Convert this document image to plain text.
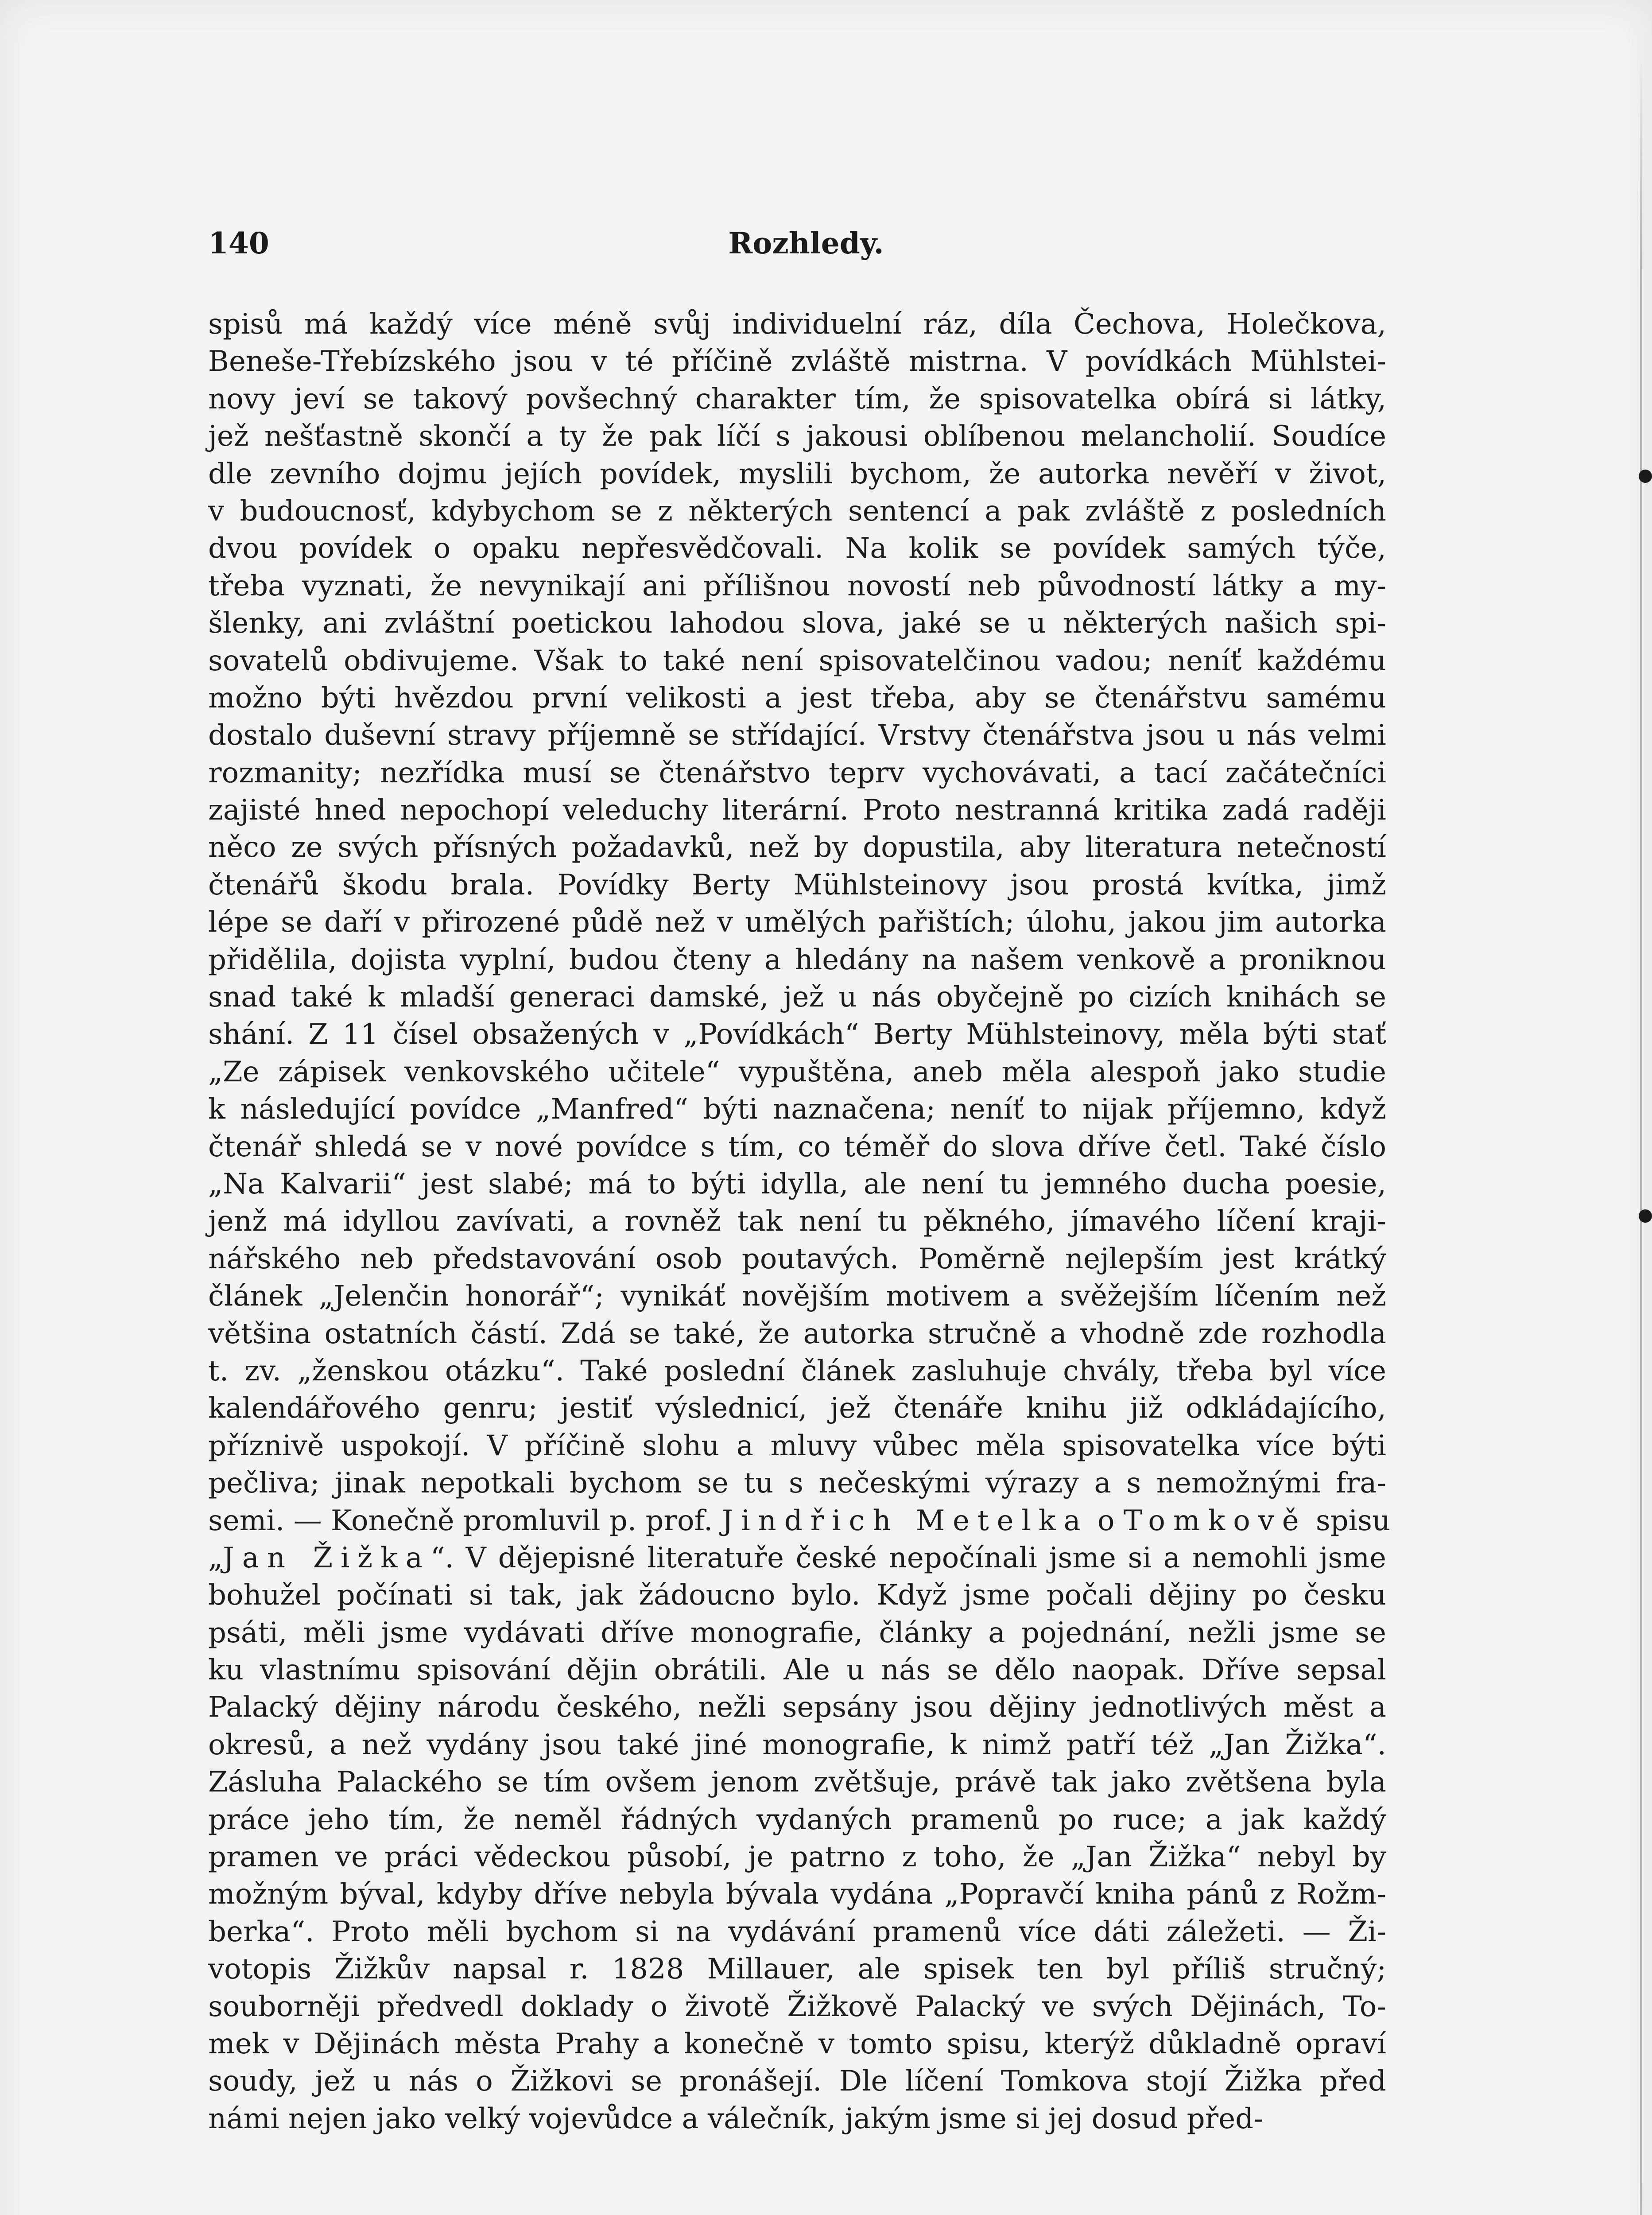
140	Rozhledy.
spisů má každý více méně svůj individuelní ráz, díla Čechova, Holečkova,
Beneše-Třebízského jsou v té příčině zvláště mistrna. V povídkách Mühlstei-
novy jeví se takový povšechný charakter tím, že spisovatelka obírá si látky,
jež nešťastně skončí a ty že pak líčí s jakousi oblíbenou melancholií. Soudíce
dle zevního dojmu jejích povídek, myslili bychom, že autorka nevěří v život,
v budoucnosť, kdybychom se z některých sentencí a pak zvláště z posledních
dvou povídek o opaku nepřesvědčovali. Na kolik se povídek samých týče,
třeba vyznati, že nevynikají ani přílišnou novostí neb původností látky a my-
šlenky, ani zvláštní poetickou lahodou slova, jaké se u některých našich spi-
sovatelů obdivujeme. Však to také není spisovatelčinou vadou; neníť každému
možno býti hvězdou první velikosti a jest třeba, aby se čtenářstvu samému
dostalo duševní stravy příjemně se střídající. Vrstvy čtenářstva jsou u nás velmi
rozmanity; nezřídka musí se čtenářstvo teprv vychovávati, a tací začátečníci
zajisté hned nepochopí veleduchy literární. Proto nestranná kritika zadá raději
něco ze svých přísných požadavků, než by dopustila, aby literatura netečností
čtenářů škodu brala. Povídky Berty Mühlsteinovy jsou prostá kvítka, jimž
lépe se daří v přirozené půdě než v umělých pařištích; úlohu, jakou jim autorka
přidělila, dojista vyplní, budou čteny a hledány na našem venkově a proniknou
snad také k mladší generaci damské, jež u nás obyčejně po cizích knihách se
shání. Z 11 čísel obsažených v „Povídkách“ Berty Mühlsteinovy, měla býti stať
„Ze zápisek venkovského učitele“ vypuštěna, aneb měla alespoň jako studie
k následující povídce „Manfred“ býti naznačena; neníť to nijak příjemno, když
čtenář shledá se v nové povídce s tím, co téměř do slova dříve četl. Také číslo
„Na Kalvarii“ jest slabé; má to býti idylla, ale není tu jemného ducha poesie,
jenž má idyllou zavívati, a rovněž tak není tu pěkného, jímavého líčení kraji-
nářského neb představování osob poutavých. Poměrně nejlepším jest krátký
článek „Jelenčin honorář“; vynikáť novějším motivem a svěžejším líčením než
většina ostatních částí. Zdá se také, že autorka stručně a vhodně zde rozhodla
t. zv. „ženskou otázku“. Také poslední článek zasluhuje chvály, třeba byl více
kalendářového genru; jestiť výslednicí, jež čtenáře knihu již odkládajícího,
příznivě uspokojí. V příčině slohu a mluvy vůbec měla spisovatelka více býti
pečliva; jinak nepotkali bychom se tu s nečeskými výrazy a s nemožnými fra-
semi. — Konečně promluvil p. prof. Jindřich Metelka o Tomkově spisu
„Jan Žižka“. V dějepisné literatuře české nepočínali jsme si a nemohli jsme
bohužel počínati si tak, jak žádoucno bylo. Když jsme počali dějiny po česku
psáti, měli jsme vydávati dříve monografie, články a pojednání, nežli jsme se
ku vlastnímu spisování dějin obrátili. Ale u nás se dělo naopak. Dříve sepsal
Palacký dějiny národu českého, nežli sepsány jsou dějiny jednotlivých měst a
okresů, a než vydány jsou také jiné monografie, k nimž patří též „Jan Žižka“.
Zásluha Palackého se tím ovšem jenom zvětšuje, právě tak jako zvětšena byla
práce jeho tím, že neměl řádných vydaných pramenů po ruce; a jak každý
pramen ve práci vědeckou působí, je patrno z toho, že „Jan Žižka“ nebyl by
možným býval, kdyby dříve nebyla bývala vydána „Popravčí kniha pánů z Rožm-
berka“. Proto měli bychom si na vydávání pramenů více dáti záležeti. — Ži-
votopis Žižkův napsal r. 1828 Millauer, ale spisek ten byl příliš stručný;
souborněji předvedl doklady o životě Žižkově Palacký ve svých Dějinách, To-
mek v Dějinách města Prahy a konečně v tomto spisu, kterýž důkladně opraví
soudy, jež u nás o Žižkovi se pronášejí. Dle líčení Tomkova stojí Žižka před
námi nejen jako velký vojevůdce a válečník, jakým jsme si jej dosud před-
